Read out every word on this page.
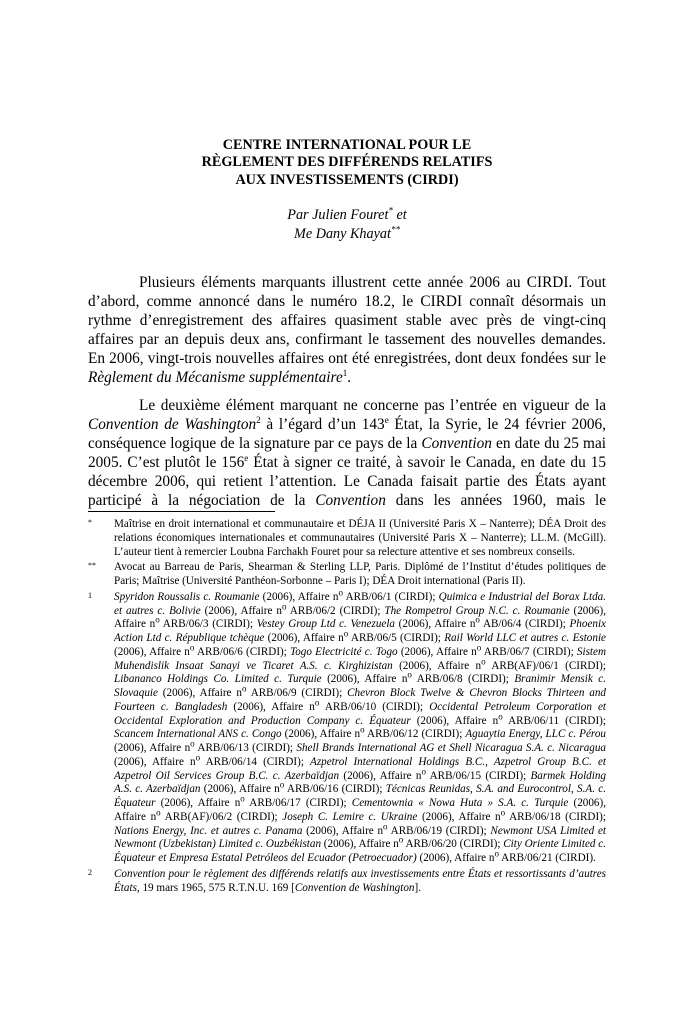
CENTRE INTERNATIONAL POUR LE
RÈGLEMENT DES DIFFÉRENDS RELATIFS
AUX INVESTISSEMENTS (CIRDI)
Par Julien Fouret* et
Me Dany Khayat**

Plusieurs éléments marquants illustrent cette année 2006 au CIRDI. Tout d’abord, comme annoncé dans le numéro 18.2, le CIRDI connaît désormais un rythme d’enregistrement des affaires quasiment stable avec près de vingt-cinq affaires par an depuis deux ans, confirmant le tassement des nouvelles demandes. En 2006, vingt-trois nouvelles affaires ont été enregistrées, dont deux fondées sur le Règlement du Mécanisme supplémentaire$^1$.

Le deuxième élément marquant ne concerne pas l’entrée en vigueur de la Convention de Washington$^2$ à l’égard d’un 143e État, la Syrie, le 24 février 2006, conséquence logique de la signature par ce pays de la Convention en date du 25 mai 2005. C’est plutôt le 156e État à signer ce traité, à savoir le Canada, en date du 15 décembre 2006, qui retient l’attention. Le Canada faisait partie des États ayant participé à la négociation de la Convention dans les années 1960, mais le

* Maîtrise en droit international et communautaire et DÉJA II (Université Paris X – Nanterre); DÉA Droit des relations économiques internationales et communautaires (Université Paris X – Nanterre); LL.M. (McGill). L’auteur tient à remercier Loubna Farchakh Fouret pour sa relecture attentive et ses nombreux conseils.
** Avocat au Barreau de Paris, Shearman & Sterling LLP, Paris. Diplômé de l’Institut d’études politiques de Paris; Maîtrise (Université Panthéon-Sorbonne – Paris I); DÉA Droit international (Paris II).
1 Spyridon Roussalis c. Roumanie (2006), Affaire $n^o$ ARB/06/1 (CIRDI); Quimica e Industrial del Borax Ltda. et autres c. Bolivie (2006), Affaire $n^o$ ARB/06/2 (CIRDI); The Rompetrol Group N.C. c. Roumanie (2006), Affaire $n^o$ ARB/06/3 (CIRDI); Vestey Group Ltd c. Venezuela (2006), Affaire $n^o$ AB/06/4 (CIRDI); Phoenix Action Ltd c. République tchèque (2006), Affaire $n^o$ ARB/06/5 (CIRDI); Rail World LLC et autres c. Estonie (2006), Affaire $n^o$ ARB/06/6 (CIRDI); Togo Electricité c. Togo (2006), Affaire $n^o$ ARB/06/7 (CIRDI); Sistem Muhendislik Insaat Sanayi ve Ticaret A.S. c. Kirghizistan (2006), Affaire $n^o$ ARB(AF)/06/1 (CIRDI); Libananco Holdings Co. Limited c. Turquie (2006), Affaire $n^o$ ARB/06/8 (CIRDI); Branimir Mensik c. Slovaquie (2006), Affaire $n^o$ ARB/06/9 (CIRDI); Chevron Block Twelve & Chevron Blocks Thirteen and Fourteen c. Bangladesh (2006), Affaire $n^o$ ARB/06/10 (CIRDI); Occidental Petroleum Corporation et Occidental Exploration and Production Company c. Équateur (2006), Affaire $n^o$ ARB/06/11 (CIRDI); Scancem International ANS c. Congo (2006), Affaire $n^o$ ARB/06/12 (CIRDI); Aguaytia Energy, LLC c. Pérou (2006), Affaire $n^o$ ARB/06/13 (CIRDI); Shell Brands International AG et Shell Nicaragua S.A. c. Nicaragua (2006), Affaire $n^o$ ARB/06/14 (CIRDI); Azpetrol International Holdings B.C., Azpetrol Group B.C. et Azpetrol Oil Services Group B.C. c. Azerbaïdjan (2006), Affaire $n^o$ ARB/06/15 (CIRDI); Barmek Holding A.S. c. Azerbaïdjan (2006), Affaire $n^o$ ARB/06/16 (CIRDI); Técnicas Reunidas, S.A. and Eurocontrol, S.A. c. Équateur (2006), Affaire $n^o$ ARB/06/17 (CIRDI); Cementownia « Nowa Huta » S.A. c. Turquie (2006), Affaire $n^o$ ARB(AF)/06/2 (CIRDI); Joseph C. Lemire c. Ukraine (2006), Affaire $n^o$ ARB/06/18 (CIRDI); Nations Energy, Inc. et autres c. Panama (2006), Affaire $n^o$ ARB/06/19 (CIRDI); Newmont USA Limited et Newmont (Uzbekistan) Limited c. Ouzbékistan (2006), Affaire $n^o$ ARB/06/20 (CIRDI); City Oriente Limited c. Équateur et Empresa Estatal Petróleos del Ecuador (Petroecuador) (2006), Affaire $n^o$ ARB/06/21 (CIRDI).
2 Convention pour le règlement des différends relatifs aux investissements entre États et ressortissants d’autres États, 19 mars 1965, 575 R.T.N.U. 169 [Convention de Washington].
